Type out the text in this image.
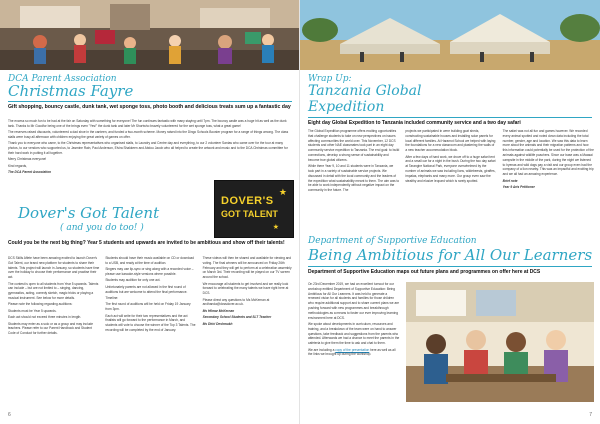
DCA Parent Association
Christmas Fayre
Gift shopping, bouncy castle, dunk tank, wet sponge toss, photo booth and delicious treats sum up a fantastic day

The excess so much fun to be had at the fair on Saturday with something for everyone! The fun continues fantastic with many staying until 7pm. The bouncy castle was a huge hit as well as the dunk tank. Thanks to Mr Goodfor being one of the brings even "Yes!" the dunk tank and later Mr Shortwho bravely volunteered for the wet sponge toss, what a great game!

The reserves raised discounts, volunteered a dad shoe in the canteen, and funded a two-month scheme. Money raised into the Dingo Schools Booster program for a range of things among. The class stalls were busy all afternoon with children enjoying the great variety of games on offer.

Thank you to everyone who came, to the Christmas representatives who organised stalls, to Laundry and Centre day and everything, to our 2 volunteer Santas who came over for the tour at many photos, to our vendors who supported us, to Jasmine Rain, Paul Anderson, Elvira Shakkeen and Abdou Jacob who all helped to create the artwork and music and to the DCA Christmas committee for their hard work in putting it all together.

Merry Christmas everyone!

Kind regards,

The DCA Parent Association

Dover's Got Talent
( and you do too! )
DOVER'S
GOT TALENT
★
★
Could you be the next big thing? Year 5 students and upwards are invited to be ambitious and show off their talents!

DCS Skills Aflete have been amazing excited to launch Dover's Got Talent, our brand new platform for students to share their talents. This project will launch in January, so students have time over the holiday to choose their performance and practise their act.

The contest is open to all students from Year 5 upwards. Talents can include – but are not limited to – singing, dancing, gymnastics, acting, comedy sketch, magic tricks or playing a musical instrument. See below for more details.

Please note the following regarding auditions:

Students must be Year 5 upwards.

Each act should not exceed three minutes in length.

Students may enter as a solo or as a group and may include teachers. Please refer to our Parent Handbook and Student Code of Conduct for further details.

Students should have their music available on CD or download to a USB, and ready at the time of audition.

Singers may use lip-sync or sing along with a recorded voice – please use karaoke-style versions where possible.

Students may audition for only one act.

Unfortunately parents are not allowed in the first round of auditions but are welcome to attend the final performance.

Timeline:

The first round of auditions will be held on Friday 19 January from 3pm.

Each act will write for their two representatives and the act finalists will go forward to the performance in March, and students will vote to choose the winner of the Top 3 Talents. The recording will be completed by the end of January.

These videos will then be shared and available for viewing and voting. The final winners will be announced on Friday 26th February and they will get to perform at a celebration assembly on March 3rd. Their recording will be played on our TV screen around the school.

We encourage all students to get involved and we really look forward to celebrating the many talents we have right here at DCS.

Please direct any questions to Ms McKernan at andhanda@dcssdover.ac.uk.

Ms Hilmar McKernan

Secondary School Students and SLT Teacher

Ms Dhiri Deshmukh

6
Wrap Up:
Tanzania Global
Expedition
Eight day Global Expedition to Tanzania included community service and a two day safari

The Global Expedition programme offers exciting opportunities that challenge students to take on new perspectives on issues affecting communities the world over. This November, 12 DCS students and other NAE classmates took part in an eight day community service expedition to Tanzania. The end goal: to build connections, develop a strong sense of sustainability and become true global citizens.

While there Year 9, 10 and 11 students were in Tanzania, we took part in a variety of sustainable service projects. We discussed in detail with the local community and the leaders of the expedition what sustainability meant to them. The aim was to be able to work independently without negative impact on the community in the future. The

projects we participated in were building goat sheds, constructing sustainable houses and installing solar panels for local different families. At Haramot School we helped with laying the foundations for a new classroom and plastering the walls of a new teacher accommodation block.

After a few days of hard work, we drove off to a huge safari tent and a small car for a night in the bush. During the two day safari at Tarangire National Park, everyone overwhelmed by the number of animals we saw including lions, wildebeests, giraffes, impalas, elephants and many more. Our group even saw the stealthy and elusive leopard which is rarely spotted.

The safari was not all fun and games however. We recorded every animal spotted and noted down data including the total number, gender, age and location. We saw this data to learn more about the animals and their migration patterns and how this information could potentially be used for the protection of the animals against wildlife poachers. Since our base was a Maasai campsite in the middle of the park, during the night we listened to hyenas and wild dogs pay a visit and our group even had the company of a lion nearby. This was an impactful and exciting trip and we all had an amazing experience.

Brief note

Year 9 Arts Petitioner

Department of Supportive Education
Being Ambitious for All Our Learners
Department of Supportive Education maps out future plans and programmes on offer here at DCS

On 23rd December 2019, we had an excellent turnout for our workshop entitled Department of Supportive Education: Being Ambitious for All Our Learners. It was held to generate a renewed vision for all students and families for those children who require additional support and to share current plans we are pushing forward with new programmes and breakthrough methodologies as a means to foster our ever improving learning environment here at DCS.

We spoke about developments in curriculum, resources and training, and a breakdown of the team were on hand to answer questions, take feedback and suggestions from the parents who attended. Afterwards we had a chance to meet the parents in the cafeteria to give them the time to ask and chat to them.

We are including a copy of the presentation here as well as all the links we brought up during the workshop.

7
